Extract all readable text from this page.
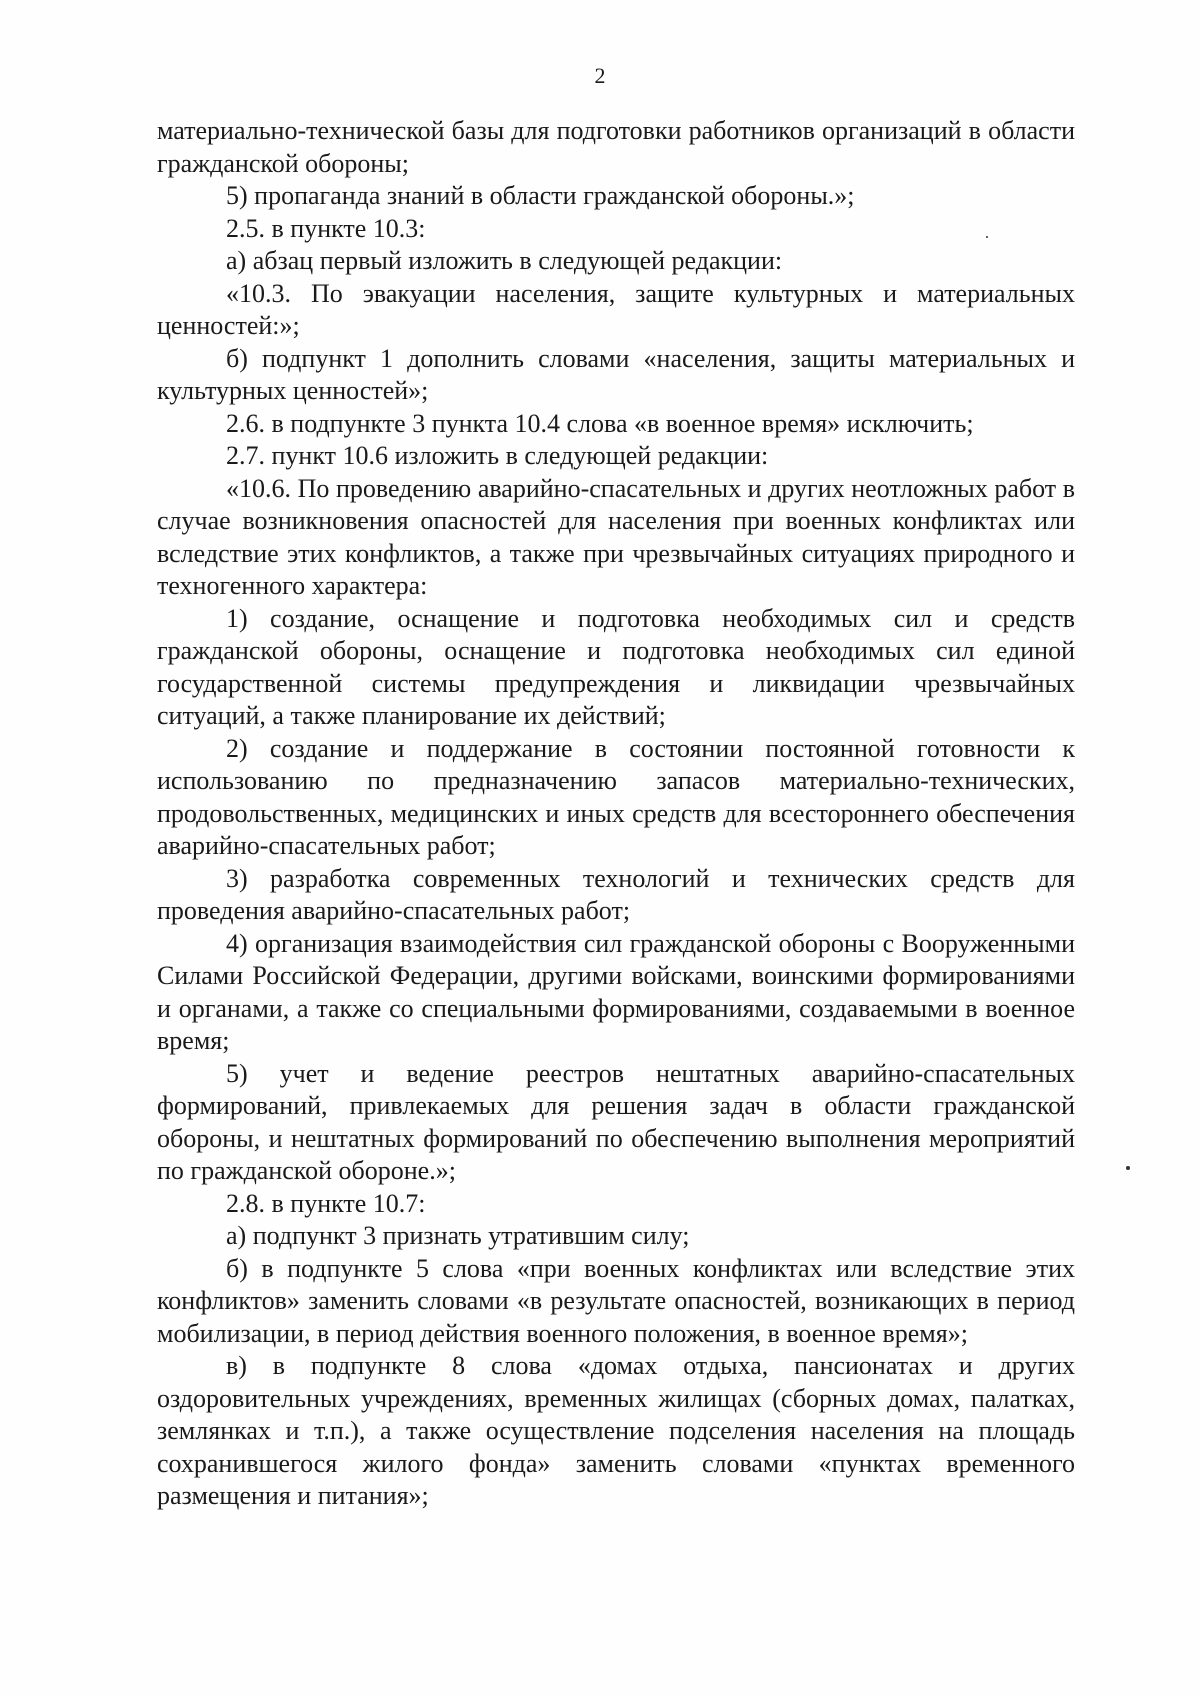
2

материально-технической базы для подготовки работников организаций в области гражданской обороны;

5) пропаганда знаний в области гражданской обороны.»;

2.5. в пункте 10.3:

а) абзац первый изложить в следующей редакции:

«10.3. По эвакуации населения, защите культурных и материальных ценностей:»;

б) подпункт 1 дополнить словами «населения, защиты материальных и культурных ценностей»;

2.6. в подпункте 3 пункта 10.4 слова «в военное время» исключить;

2.7. пункт 10.6 изложить в следующей редакции:

«10.6. По проведению аварийно-спасательных и других неотложных работ в случае возникновения опасностей для населения при военных конфликтах или вследствие этих конфликтов, а также при чрезвычайных ситуациях природного и техногенного характера:

1) создание, оснащение и подготовка необходимых сил и средств гражданской обороны, оснащение и подготовка необходимых сил единой государственной системы предупреждения и ликвидации чрезвычайных ситуаций, а также планирование их действий;

2) создание и поддержание в состоянии постоянной готовности к использованию по предназначению запасов материально-технических, продовольственных, медицинских и иных средств для всестороннего обеспечения аварийно-спасательных работ;

3) разработка современных технологий и технических средств для проведения аварийно-спасательных работ;

4) организация взаимодействия сил гражданской обороны с Вооруженными Силами Российской Федерации, другими войсками, воинскими формированиями и органами, а также со специальными формированиями, создаваемыми в военное время;

5) учет и ведение реестров нештатных аварийно-спасательных формирований, привлекаемых для решения задач в области гражданской обороны, и нештатных формирований по обеспечению выполнения мероприятий по гражданской обороне.»;

2.8. в пункте 10.7:

а) подпункт 3 признать утратившим силу;

б) в подпункте 5 слова «при военных конфликтах или вследствие этих конфликтов» заменить словами «в результате опасностей, возникающих в период мобилизации, в период действия военного положения, в военное время»;

в) в подпункте 8 слова «домах отдыха, пансионатах и других оздоровительных учреждениях, временных жилищах (сборных домах, палатках, землянках и т.п.), а также осуществление подселения населения на площадь сохранившегося жилого фонда» заменить словами «пунктах временного размещения и питания»;
